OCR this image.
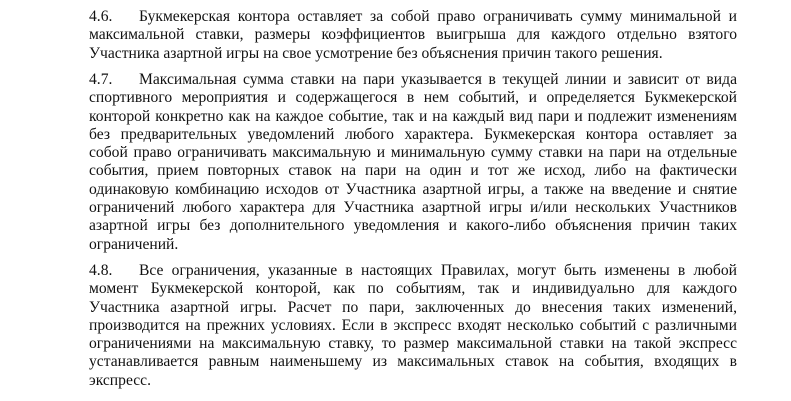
4.6. Букмекерская контора оставляет за собой право ограничивать сумму минимальной и
максимальной ставки, размеры коэффициентов выигрыша для каждого отдельно взятого
Участника азартной игры на свое усмотрение без объяснения причин такого решения.
4.7. Максимальная сумма ставки на пари указывается в текущей линии и зависит от вида
спортивного мероприятия и содержащегося в нем событий, и определяется Букмекерской
конторой конкретно как на каждое событие, так и на каждый вид пари и подлежит изменениям
без предварительных уведомлений любого характера. Букмекерская контора оставляет за
собой право ограничивать максимальную и минимальную сумму ставки на пари на отдельные
события, прием повторных ставок на пари на один и тот же исход, либо на фактически
одинаковую комбинацию исходов от Участника азартной игры, а также на введение и снятие
ограничений любого характера для Участника азартной игры и/или нескольких Участников
азартной игры без дополнительного уведомления и какого-либо объяснения причин таких
ограничений.
4.8. Все ограничения, указанные в настоящих Правилах, могут быть изменены в любой
момент Букмекерской конторой, как по событиям, так и индивидуально для каждого
Участника азартной игры. Расчет по пари, заключенных до внесения таких изменений,
производится на прежних условиях. Если в экспресс входят несколько событий с различными
ограничениями на максимальную ставку, то размер максимальной ставки на такой экспресс
устанавливается равным наименьшему из максимальных ставок на события, входящих в
экспресс.
